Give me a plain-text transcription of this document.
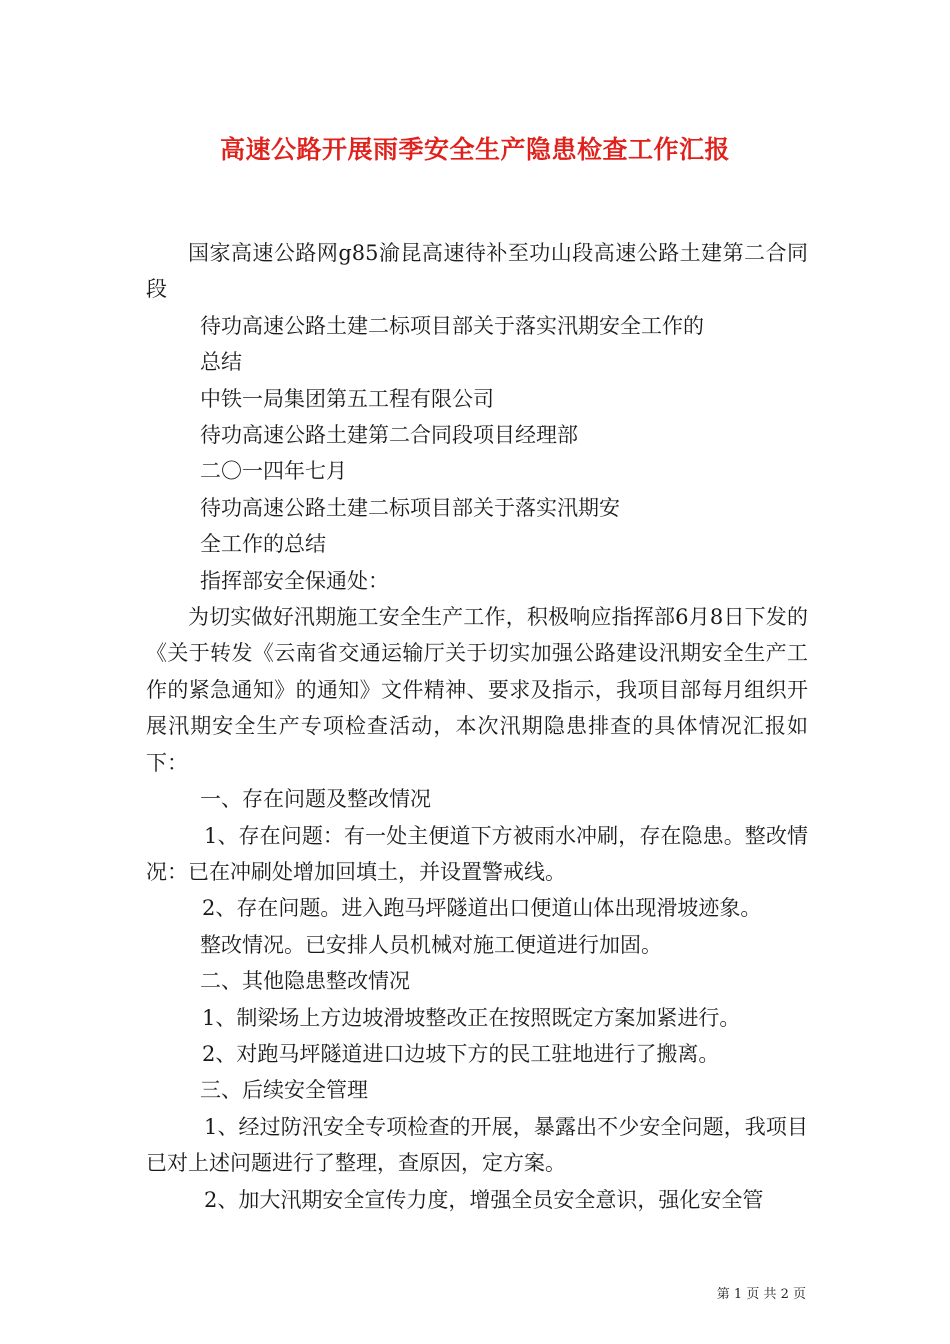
高速公路开展雨季安全生产隐患检查工作汇报

国家高速公路网g85渝昆高速待补至功山段高速公路土建第二合同段

待功高速公路土建二标项目部关于落实汛期安全工作的

总结

中铁一局集团第五工程有限公司

待功高速公路土建第二合同段项目经理部

二〇一四年七月

待功高速公路土建二标项目部关于落实汛期安

全工作的总结

指挥部安全保通处：

为切实做好汛期施工安全生产工作，积极响应指挥部6月8日下发的《关于转发《云南省交通运输厅关于切实加强公路建设汛期安全生产工作的紧急通知》的通知》文件精神、要求及指示，我项目部每月组织开展汛期安全生产专项检查活动，本次汛期隐患排查的具体情况汇报如下：

一、存在问题及整改情况

1、存在问题：有一处主便道下方被雨水冲刷，存在隐患。整改情况：已在冲刷处增加回填土，并设置警戒线。

2、存在问题。进入跑马坪隧道出口便道山体出现滑坡迹象。

整改情况。已安排人员机械对施工便道进行加固。

二、其他隐患整改情况

1、制梁场上方边坡滑坡整改正在按照既定方案加紧进行。

2、对跑马坪隧道进口边坡下方的民工驻地进行了搬离。

三、后续安全管理

1、经过防汛安全专项检查的开展，暴露出不少安全问题，我项目已对上述问题进行了整理，查原因，定方案。

2、加大汛期安全宣传力度，增强全员安全意识，强化安全管

第 1 页 共 2 页
